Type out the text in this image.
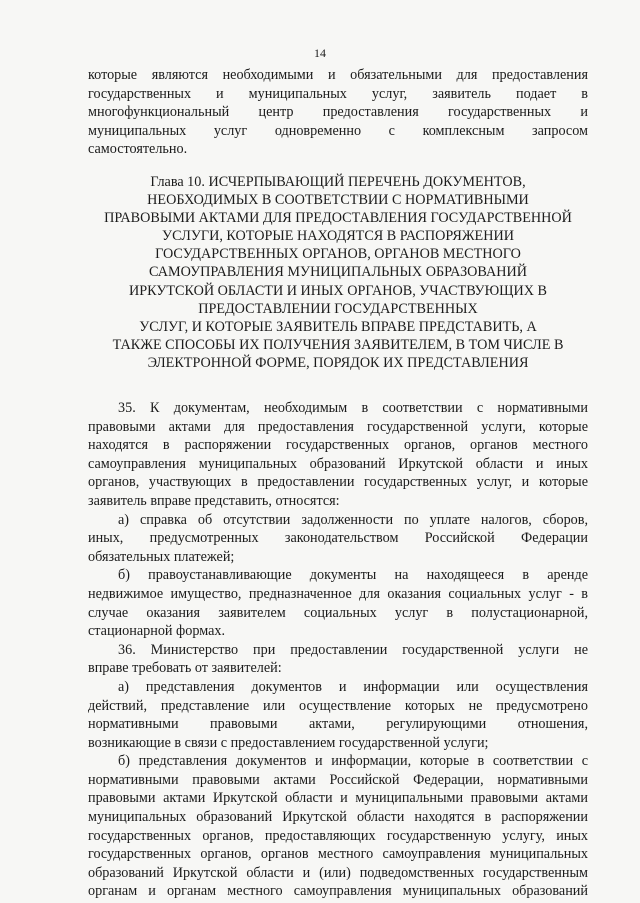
14

которые являются необходимыми и обязательными для предоставления

государственных и муниципальных услуг, заявитель подает в

многофункциональный центр предоставления государственных и

муниципальных услуг одновременно с комплексным запросом

самостоятельно.

Глава 10. ИСЧЕРПЫВАЮЩИЙ ПЕРЕЧЕНЬ ДОКУМЕНТОВ,
НЕОБХОДИМЫХ В СООТВЕТСТВИИ С НОРМАТИВНЫМИ
ПРАВОВЫМИ АКТАМИ ДЛЯ ПРЕДОСТАВЛЕНИЯ ГОСУДАРСТВЕННОЙ
УСЛУГИ, КОТОРЫЕ НАХОДЯТСЯ В РАСПОРЯЖЕНИИ
ГОСУДАРСТВЕННЫХ ОРГАНОВ, ОРГАНОВ МЕСТНОГО
САМОУПРАВЛЕНИЯ МУНИЦИПАЛЬНЫХ ОБРАЗОВАНИЙ
ИРКУТСКОЙ ОБЛАСТИ И ИНЫХ ОРГАНОВ, УЧАСТВУЮЩИХ В
ПРЕДОСТАВЛЕНИИ ГОСУДАРСТВЕННЫХ
УСЛУГ, И КОТОРЫЕ ЗАЯВИТЕЛЬ ВПРАВЕ ПРЕДСТАВИТЬ, А
ТАКЖЕ СПОСОБЫ ИХ ПОЛУЧЕНИЯ ЗАЯВИТЕЛЕМ, В ТОМ ЧИСЛЕ В
ЭЛЕКТРОННОЙ ФОРМЕ, ПОРЯДОК ИХ ПРЕДСТАВЛЕНИЯ

35. К документам, необходимым в соответствии с нормативными

правовыми актами для предоставления государственной услуги, которые

находятся в распоряжении государственных органов, органов местного

самоуправления муниципальных образований Иркутской области и иных

органов, участвующих в предоставлении государственных услуг, и которые

заявитель вправе представить, относятся:

а) справка об отсутствии задолженности по уплате налогов, сборов,

иных, предусмотренных законодательством Российской Федерации

обязательных платежей;

б) правоустанавливающие документы на находящееся в аренде

недвижимое имущество, предназначенное для оказания социальных услуг - в

случае оказания заявителем социальных услуг в полустационарной,

стационарной формах.

36. Министерство при предоставлении государственной услуги не

вправе требовать от заявителей:

а) представления документов и информации или осуществления

действий, представление или осуществление которых не предусмотрено

нормативными правовыми актами, регулирующими отношения,

возникающие в связи с предоставлением государственной услуги;

б) представления документов и информации, которые в соответствии с

нормативными правовыми актами Российской Федерации, нормативными

правовыми актами Иркутской области и муниципальными правовыми актами

муниципальных образований Иркутской области находятся в распоряжении

государственных органов, предоставляющих государственную услугу, иных

государственных органов, органов местного самоуправления муниципальных

образований Иркутской области и (или) подведомственных государственным

органам и органам местного самоуправления муниципальных образований
